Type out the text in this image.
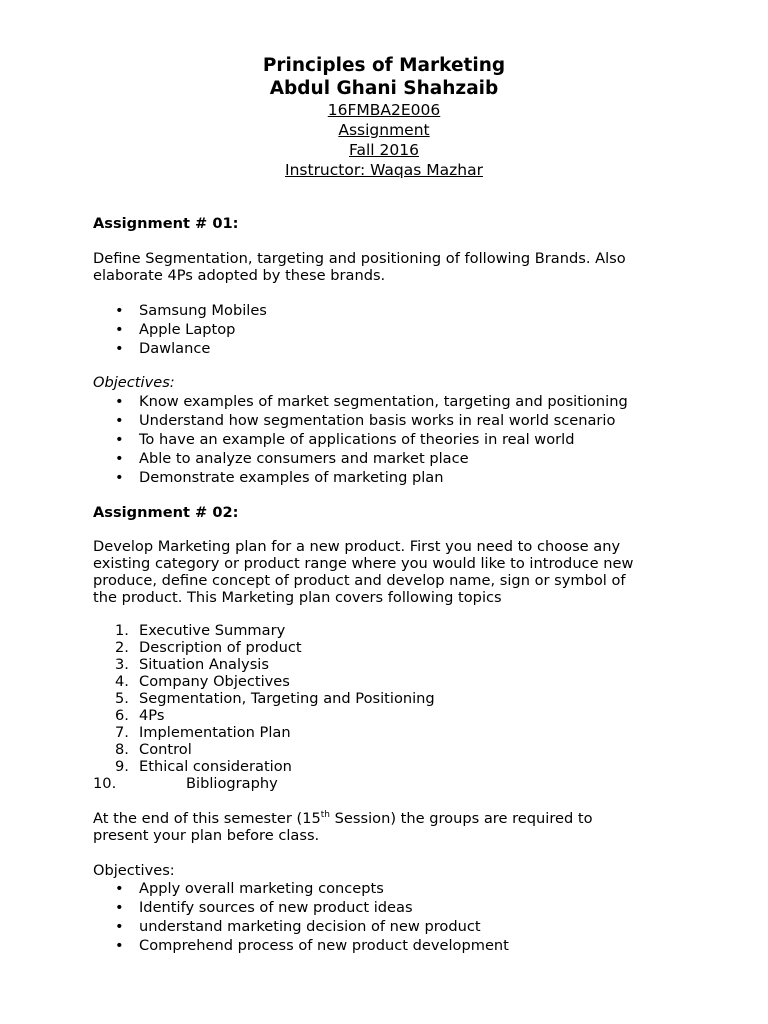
Principles of Marketing
Abdul Ghani Shahzaib
16FMBA2E006
Assignment
Fall 2016
Instructor: Waqas Mazhar
Assignment # 01:
Define Segmentation, targeting and positioning of following Brands. Also
elaborate 4Ps adopted by these brands.
• Samsung Mobiles
• Apple Laptop
• Dawlance
Objectives:
• Know examples of market segmentation, targeting and positioning
• Understand how segmentation basis works in real world scenario
• To have an example of applications of theories in real world
• Able to analyze consumers and market place
• Demonstrate examples of marketing plan
Assignment # 02:
Develop Marketing plan for a new product. First you need to choose any
existing category or product range where you would like to introduce new
produce, define concept of product and develop name, sign or symbol of
the product. This Marketing plan covers following topics
1. Executive Summary
2. Description of product
3. Situation Analysis
4. Company Objectives
5. Segmentation, Targeting and Positioning
6. 4Ps
7. Implementation Plan
8. Control
9. Ethical consideration
10.	Bibliography
At the end of this semester (15th Session) the groups are required to
present your plan before class.
Objectives:
• Apply overall marketing concepts
• Identify sources of new product ideas
• understand marketing decision of new product
• Comprehend process of new product development
